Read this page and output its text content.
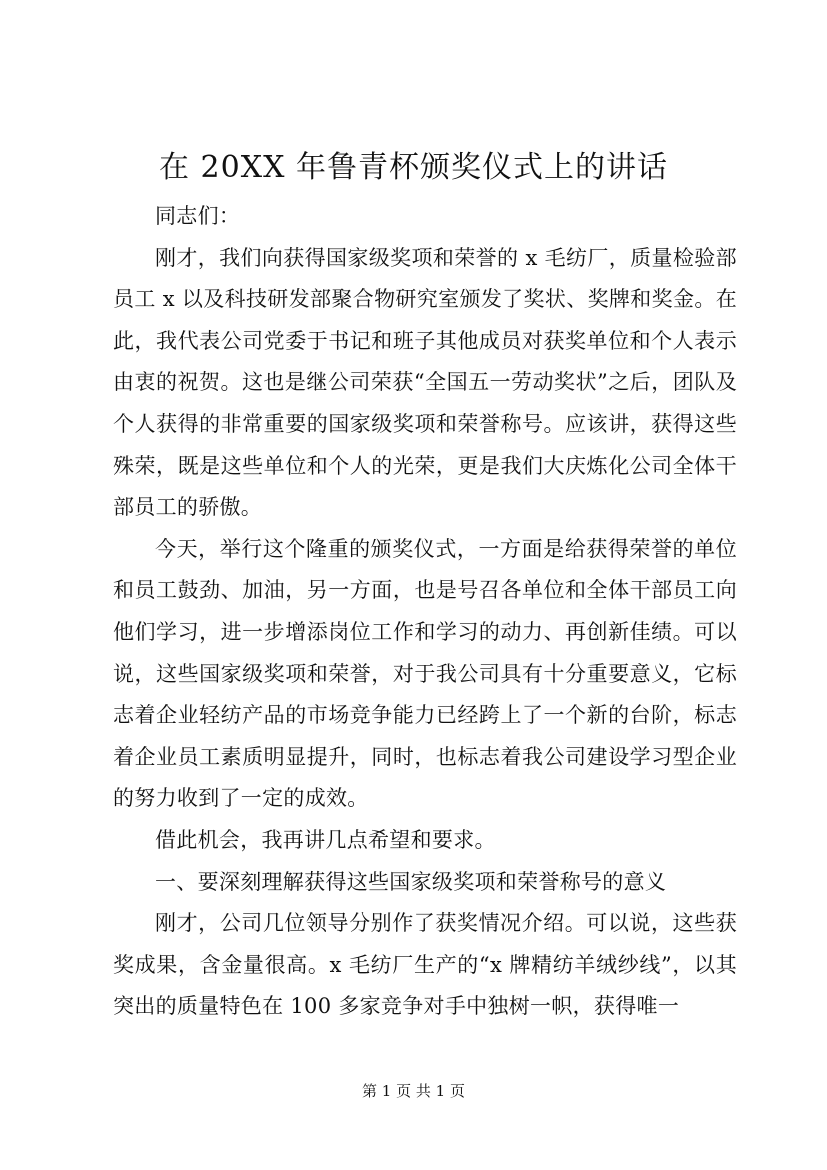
在 20XX 年鲁青杯颁奖仪式上的讲话

同志们：

刚才，我们向获得国家级奖项和荣誉的 x 毛纺厂，质量检验部员工 x 以及科技研发部聚合物研究室颁发了奖状、奖牌和奖金。在此，我代表公司党委于书记和班子其他成员对获奖单位和个人表示由衷的祝贺。这也是继公司荣获“全国五一劳动奖状”之后，团队及个人获得的非常重要的国家级奖项和荣誉称号。应该讲，获得这些殊荣，既是这些单位和个人的光荣，更是我们大庆炼化公司全体干部员工的骄傲。

今天，举行这个隆重的颁奖仪式，一方面是给获得荣誉的单位和员工鼓劲、加油，另一方面，也是号召各单位和全体干部员工向他们学习，进一步增添岗位工作和学习的动力、再创新佳绩。可以说，这些国家级奖项和荣誉，对于我公司具有十分重要意义，它标志着企业轻纺产品的市场竞争能力已经跨上了一个新的台阶，标志着企业员工素质明显提升，同时，也标志着我公司建设学习型企业的努力收到了一定的成效。

借此机会，我再讲几点希望和要求。

一、要深刻理解获得这些国家级奖项和荣誉称号的意义

刚才，公司几位领导分别作了获奖情况介绍。可以说，这些获奖成果，含金量很高。x 毛纺厂生产的“x 牌精纺羊绒纱线”，以其突出的质量特色在 100 多家竞争对手中独树一帜，获得唯一

第 1 页 共 1 页
